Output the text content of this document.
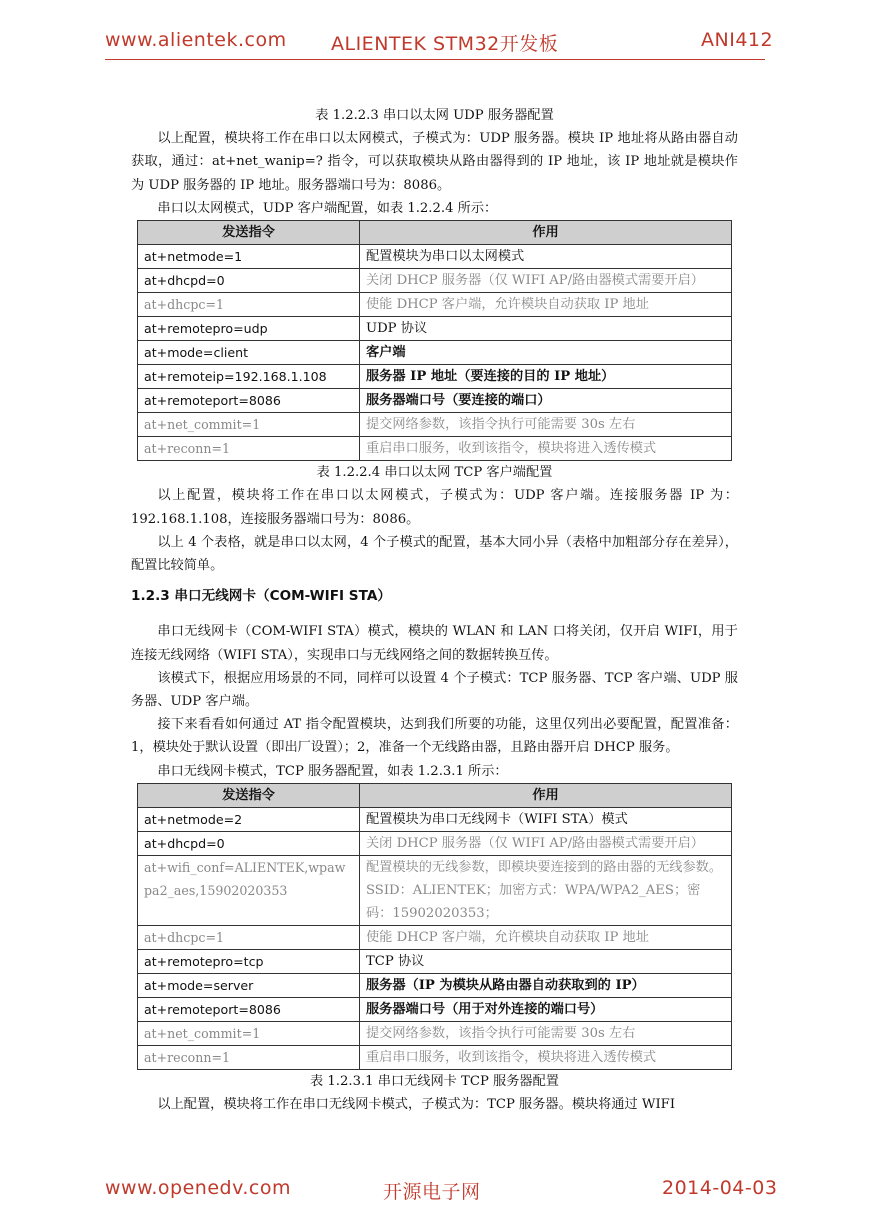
www.alientek.com ALIENTEK STM32开发板	ANI412
表 1.2.2.3 串口以太网 UDP 服务器配置
以上配置，模块将工作在串口以太网模式，子模式为：UDP 服务器。模块 IP 地址将从路由器自动获取，通过：at+net_wanip=? 指令，可以获取模块从路由器得到的 IP 地址，该 IP 地址就是模块作为 UDP 服务器的 IP 地址。服务器端口号为：8086。
串口以太网模式，UDP 客户端配置，如表 1.2.2.4 所示：
发送指令	作用
at+netmode=1	配置模块为串口以太网模式
at+dhcpd=0	关闭 DHCP 服务器（仅 WIFI AP/路由器模式需要开启）
at+dhcpc=1	使能 DHCP 客户端，允许模块自动获取 IP 地址
at+remotepro=udp	UDP 协议
at+mode=client	客户端
at+remoteip=192.168.1.108	服务器 IP 地址（要连接的目的 IP 地址）
at+remoteport=8086	服务器端口号（要连接的端口）
at+net_commit=1	提交网络参数，该指令执行可能需要 30s 左右
at+reconn=1	重启串口服务，收到该指令，模块将进入透传模式
表 1.2.2.4 串口以太网 TCP 客户端配置
以上配置，模块将工作在串口以太网模式，子模式为：UDP 客户端。连接服务器 IP 为：192.168.1.108，连接服务器端口号为：8086。
以上 4 个表格，就是串口以太网，4 个子模式的配置，基本大同小异（表格中加粗部分存在差异），配置比较简单。
1.2.3 串口无线网卡（COM-WIFI STA）
串口无线网卡（COM-WIFI STA）模式，模块的 WLAN 和 LAN 口将关闭，仅开启 WIFI，用于连接无线网络（WIFI STA），实现串口与无线网络之间的数据转换互传。
该模式下，根据应用场景的不同，同样可以设置 4 个子模式：TCP 服务器、TCP 客户端、UDP 服务器、UDP 客户端。
接下来看看如何通过 AT 指令配置模块，达到我们所要的功能，这里仅列出必要配置，配置准备：1，模块处于默认设置（即出厂设置）；2，准备一个无线路由器，且路由器开启 DHCP 服务。
串口无线网卡模式，TCP 服务器配置，如表 1.2.3.1 所示：
发送指令	作用
at+netmode=2	配置模块为串口无线网卡（WIFI STA）模式
at+dhcpd=0	关闭 DHCP 服务器（仅 WIFI AP/路由器模式需要开启）
at+wifi_conf=ALIENTEK,wpawpa2_aes,15902020353	配置模块的无线参数，即模块要连接到的路由器的无线参数。SSID：ALIENTEK；加密方式：WPA/WPA2_AES；密码：15902020353；
at+dhcpc=1	使能 DHCP 客户端，允许模块自动获取 IP 地址
at+remotepro=tcp	TCP 协议
at+mode=server	服务器（IP 为模块从路由器自动获取到的 IP）
at+remoteport=8086	服务器端口号（用于对外连接的端口号）
at+net_commit=1	提交网络参数，该指令执行可能需要 30s 左右
at+reconn=1	重启串口服务，收到该指令，模块将进入透传模式
表 1.2.3.1 串口无线网卡 TCP 服务器配置
以上配置，模块将工作在串口无线网卡模式，子模式为：TCP 服务器。模块将通过 WIFI
www.openedv.com	开源电子网	2014-04-03
